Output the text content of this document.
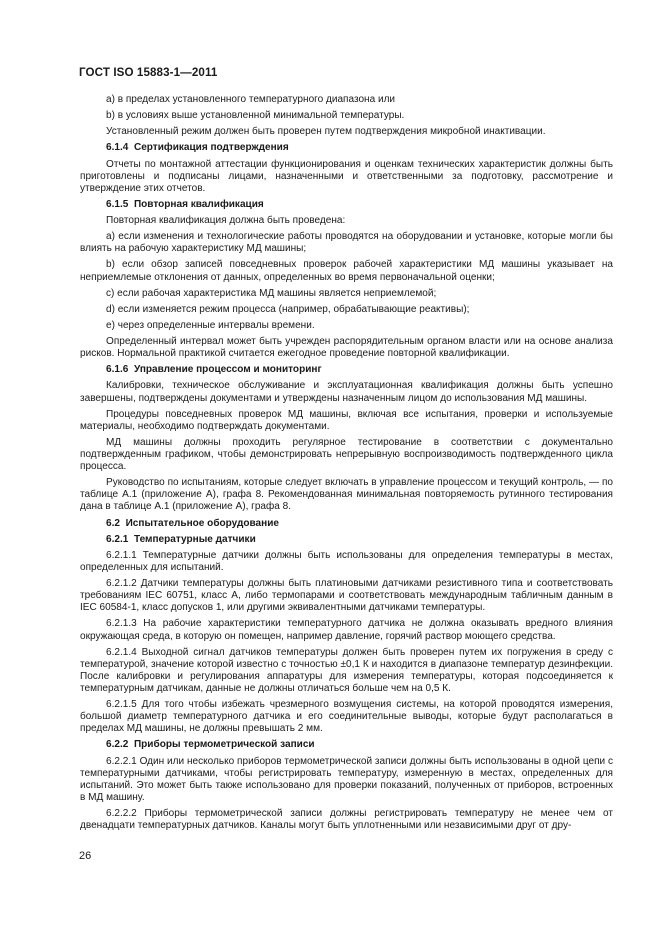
ГОСТ ISO 15883-1—2011

a) в пределах установленного температурного диапазона или

b) в условиях выше установленной минимальной температуры.

Установленный режим должен быть проверен путем подтверждения микробной инактивации.

6.1.4 Сертификация подтверждения

Отчеты по монтажной аттестации функционирования и оценкам технических характеристик должны быть приготовлены и подписаны лицами, назначенными и ответственными за подготовку, рассмотрение и утверждение этих отчетов.

6.1.5 Повторная квалификация

Повторная квалификация должна быть проведена:

a) если изменения и технологические работы проводятся на оборудовании и установке, которые могли бы влиять на рабочую характеристику МД машины;

b) если обзор записей повседневных проверок рабочей характеристики МД машины указывает на неприемлемые отклонения от данных, определенных во время первоначальной оценки;

c) если рабочая характеристика МД машины является неприемлемой;

d) если изменяется режим процесса (например, обрабатывающие реактивы);

e) через определенные интервалы времени.

Определенный интервал может быть учрежден распорядительным органом власти или на основе анализа рисков. Нормальной практикой считается ежегодное проведение повторной квалификации.

6.1.6 Управление процессом и мониторинг

Калибровки, техническое обслуживание и эксплуатационная квалификация должны быть успешно завершены, подтверждены документами и утверждены назначенным лицом до использования МД машины.

Процедуры повседневных проверок МД машины, включая все испытания, проверки и используемые материалы, необходимо подтверждать документами.

МД машины должны проходить регулярное тестирование в соответствии с документально подтвержденным графиком, чтобы демонстрировать непрерывную воспроизводимость подтвержденного цикла процесса.

Руководство по испытаниям, которые следует включать в управление процессом и текущий контроль, — по таблице А.1 (приложение А), графа 8. Рекомендованная минимальная повторяемость рутинного тестирования дана в таблице А.1 (приложение А), графа 8.

6.2 Испытательное оборудование

6.2.1 Температурные датчики

6.2.1.1 Температурные датчики должны быть использованы для определения температуры в местах, определенных для испытаний.

6.2.1.2 Датчики температуры должны быть платиновыми датчиками резистивного типа и соответствовать требованиям IEC 60751, класс А, либо термопарами и соответствовать международным табличным данным в IEC 60584-1, класс допусков 1, или другими эквивалентными датчиками температуры.

6.2.1.3 На рабочие характеристики температурного датчика не должна оказывать вредного влияния окружающая среда, в которую он помещен, например давление, горячий раствор моющего средства.

6.2.1.4 Выходной сигнал датчиков температуры должен быть проверен путем их погружения в среду с температурой, значение которой известно с точностью ±0,1 К и находится в диапазоне температур дезинфекции. После калибровки и регулирования аппаратуры для измерения температуры, которая подсоединяется к температурным датчикам, данные не должны отличаться больше чем на 0,5 К.

6.2.1.5 Для того чтобы избежать чрезмерного возмущения системы, на которой проводятся измерения, большой диаметр температурного датчика и его соединительные выводы, которые будут располагаться в пределах МД машины, не должны превышать 2 мм.

6.2.2 Приборы термометрической записи

6.2.2.1 Один или несколько приборов термометрической записи должны быть использованы в одной цепи с температурными датчиками, чтобы регистрировать температуру, измеренную в местах, определенных для испытаний. Это может быть также использовано для проверки показаний, полученных от приборов, встроенных в МД машину.

6.2.2.2 Приборы термометрической записи должны регистрировать температуру не менее чем от двенадцати температурных датчиков. Каналы могут быть уплотненными или независимыми друг от дру-

26
